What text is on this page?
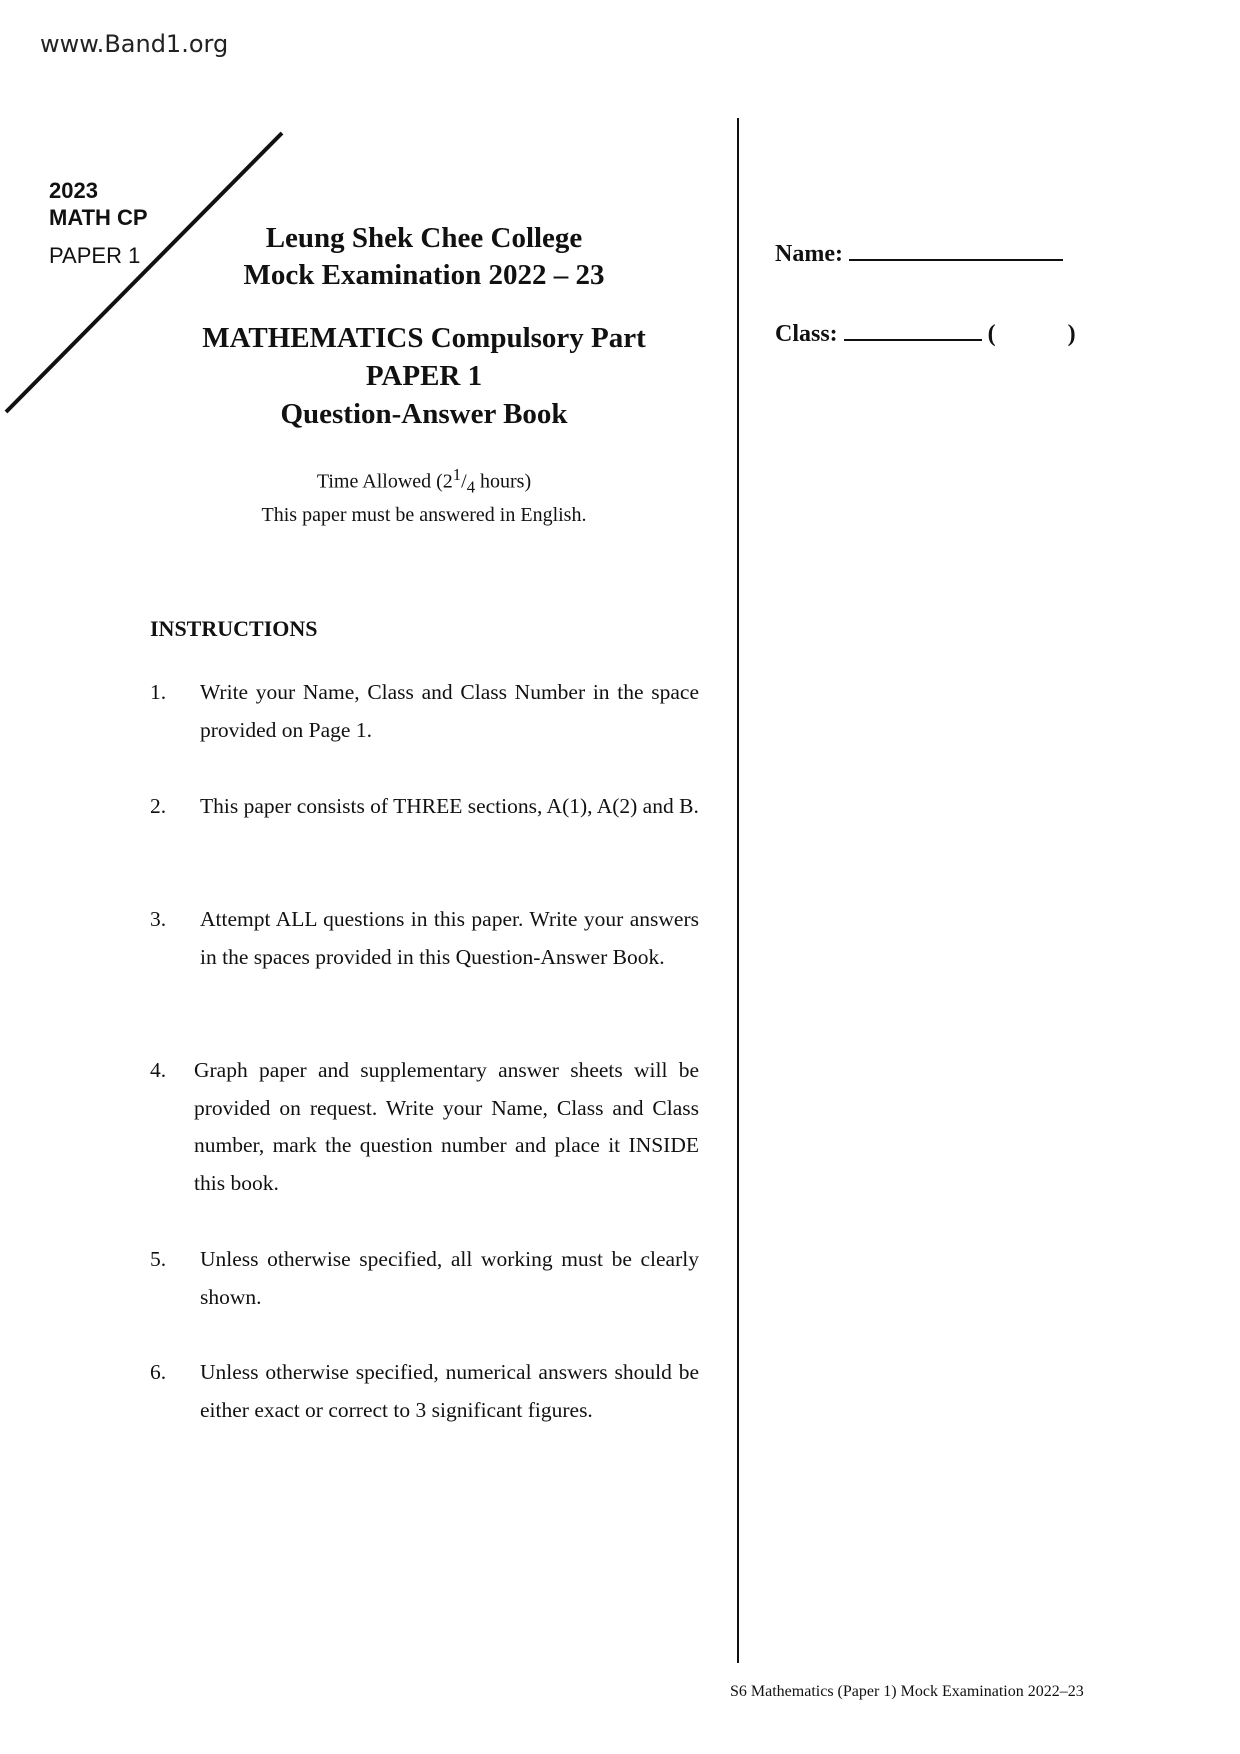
www.Band1.org
2023
MATH CP
PAPER 1
Leung Shek Chee College
Mock Examination 2022 – 23
MATHEMATICS Compulsory Part
PAPER 1
Question-Answer Book
Time Allowed ($2^1/_4$ hours)
This paper must be answered in English.
INSTRUCTIONS
1. Write your Name, Class and Class Number in the space provided on Page 1.
2. This paper consists of THREE sections, A(1), A(2) and B.
3. Attempt ALL questions in this paper. Write your answers in the spaces provided in this Question-Answer Book.
4. Graph paper and supplementary answer sheets will be provided on request. Write your Name, Class and Class number, mark the question number and place it INSIDE this book.
5. Unless otherwise specified, all working must be clearly shown.
6. Unless otherwise specified, numerical answers should be either exact or correct to 3 significant figures.
Name:
Class:	(	)
S6 Mathematics (Paper 1) Mock Examination 2022–23
